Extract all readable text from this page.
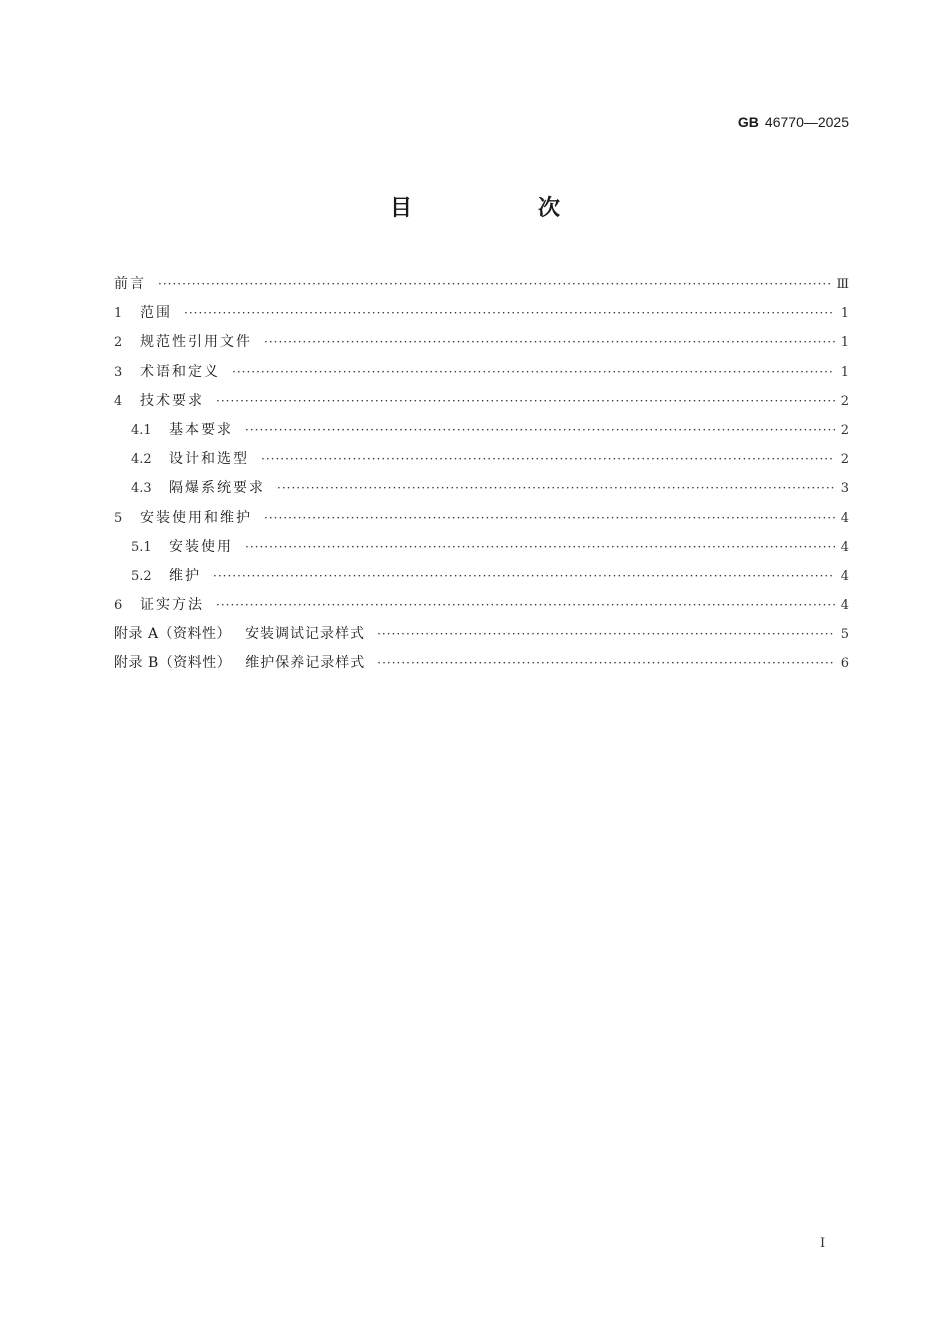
GB 46770—2025
目　次
前言 ·····	Ⅲ
1	范围 ·····	1
2	规范性引用文件 ·····	1
3	术语和定义 ·····	1
4	技术要求 ·····	2
4.1	基本要求 ·····	2
4.2	设计和选型 ·····	2
4.3	隔爆系统要求 ·····	3
5	安装使用和维护 ·····	4
5.1	安装使用 ·····	4
5.2	维护 ·····	4
6	证实方法 ·····	4
附录 A（资料性） 安装调试记录样式 ·····	5
附录 B（资料性） 维护保养记录样式 ·····	6
I
